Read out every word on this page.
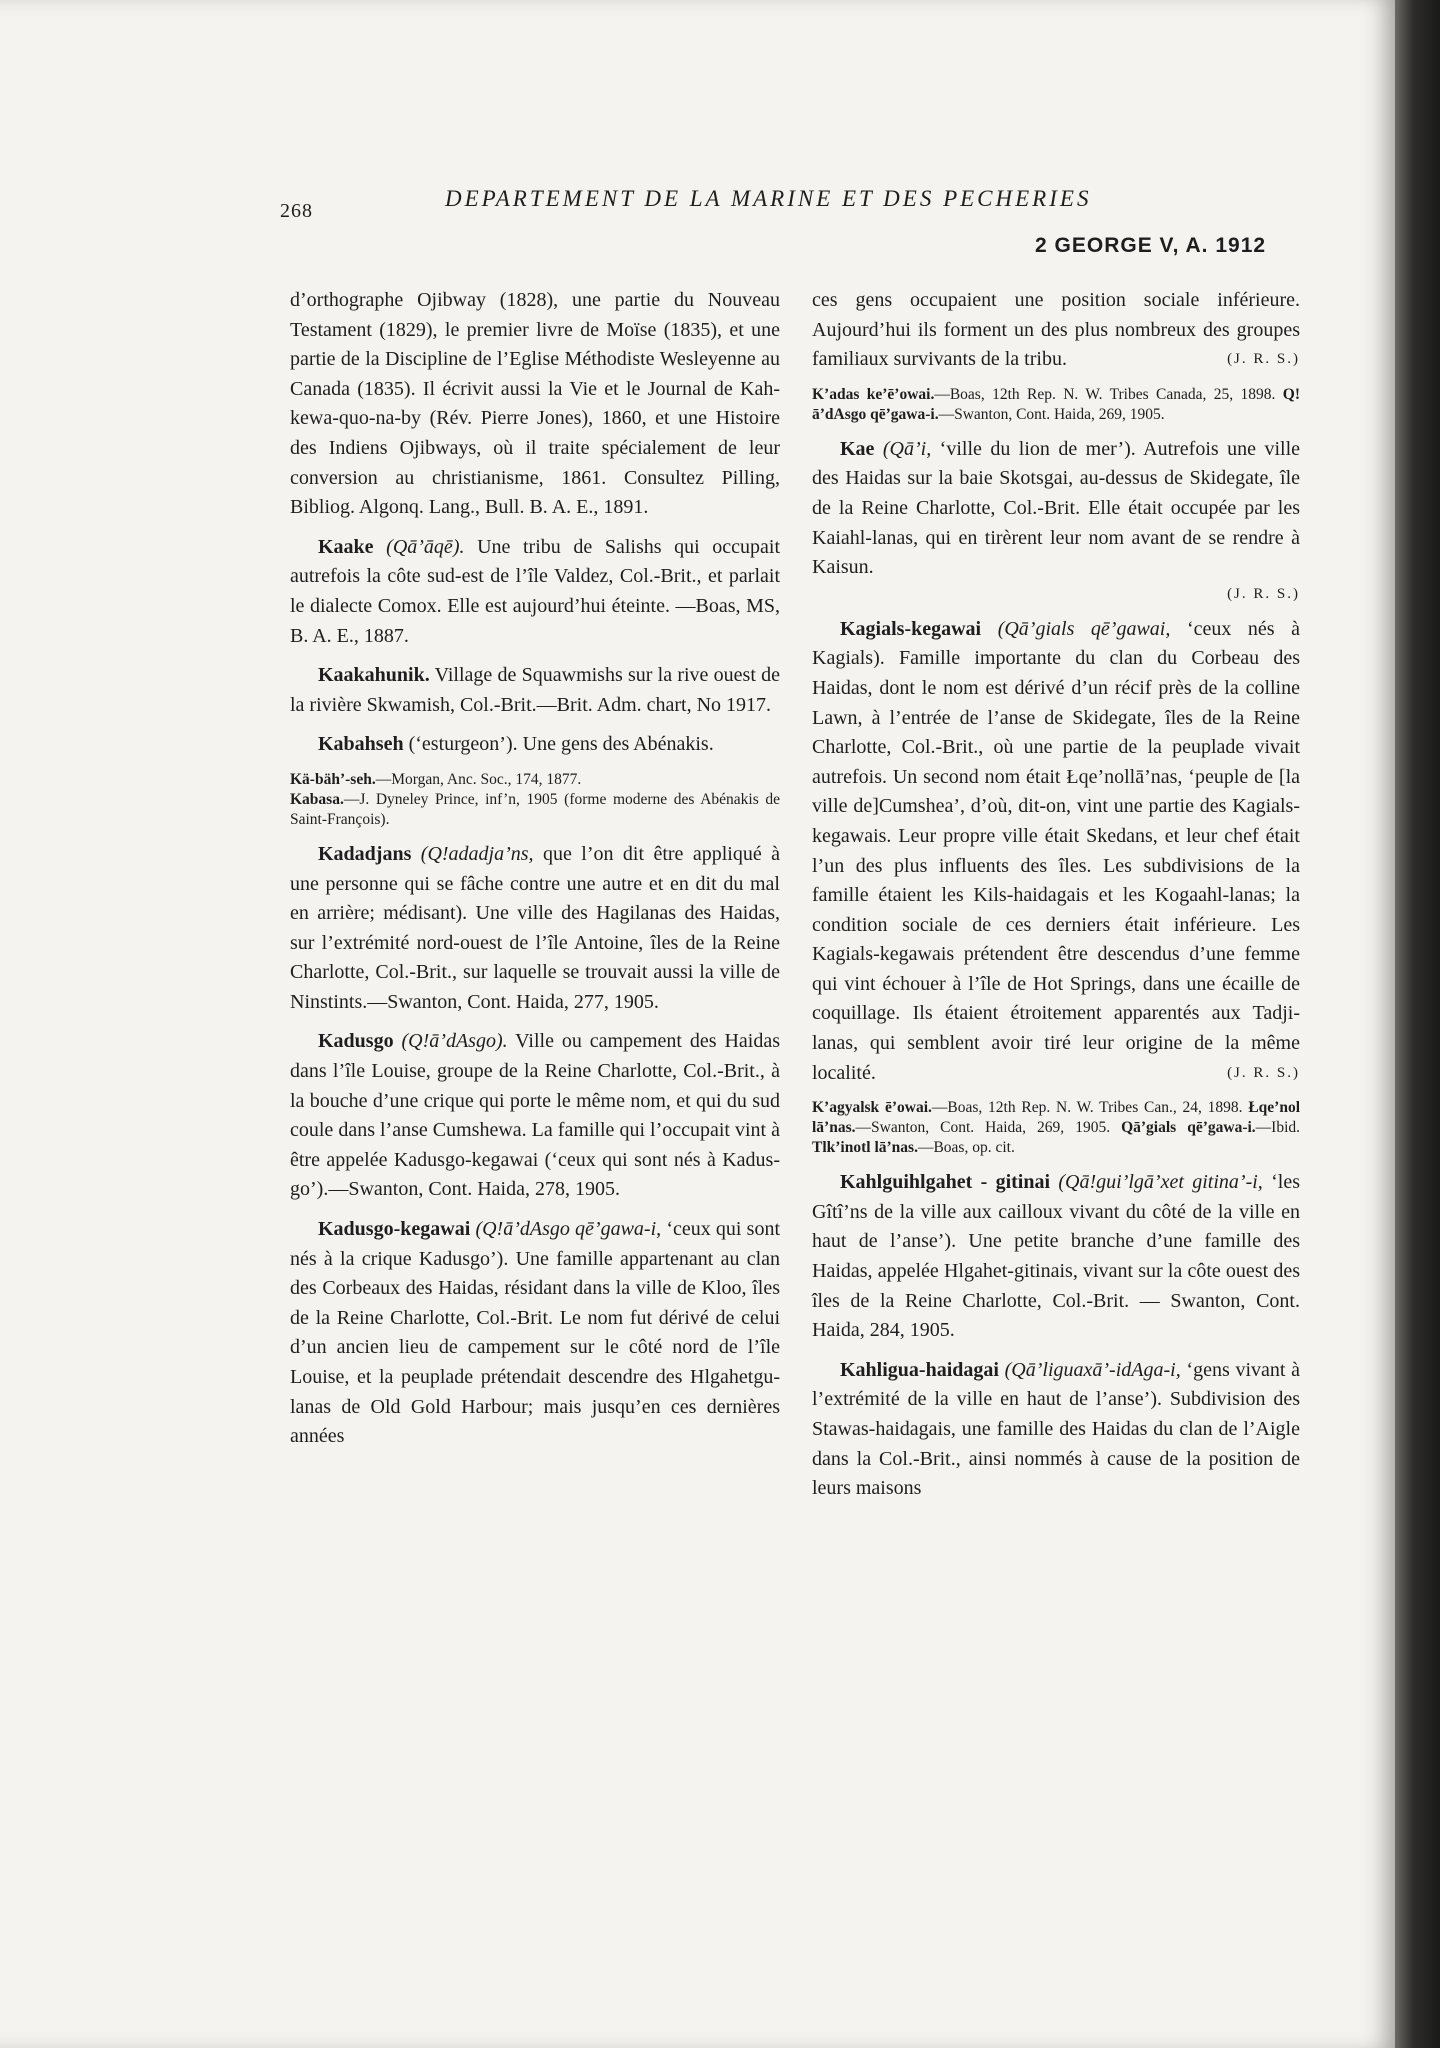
268	DEPARTEMENT DE LA MARINE ET DES PECHERIES
2 GEORGE V, A. 1912

d’orthographe Ojibway (1828), une partie du Nouveau Testament (1829), le premier livre de Moïse (1835), et une partie de la Discipline de l’Eglise Méthodiste Wesleyenne au Canada (1835). Il écrivit aussi la Vie et le Journal de Kah-kewa-quo-na-by (Rév. Pierre Jones), 1860, et une Histoire des Indiens Ojibways, où il traite spécialement de leur conversion au christianisme, 1861. Consultez Pilling, Bibliog. Algonq. Lang., Bull. B. A. E., 1891.

Kaake (Qā’āqē). Une tribu de Salishs qui occupait autrefois la côte sud-est de l’île Valdez, Col.-Brit., et parlait le dialecte Comox. Elle est aujourd’hui éteinte. —Boas, MS, B. A. E., 1887.

Kaakahunik. Village de Squawmishs sur la rive ouest de la rivière Skwamish, Col.-Brit.—Brit. Adm. chart, No 1917.

Kabahseh (‘esturgeon’). Une gens des Abénakis.

Kä-bäh’-seh.—Morgan, Anc. Soc., 174, 1877.
Kabasa.—J. Dyneley Prince, inf’n, 1905 (forme moderne des Abénakis de Saint-François).

Kadadjans (Q!adadja’ns, que l’on dit être appliqué à une personne qui se fâche contre une autre et en dit du mal en arrière; médisant). Une ville des Hagilanas des Haidas, sur l’extrémité nord-ouest de l’île Antoine, îles de la Reine Charlotte, Col.-Brit., sur laquelle se trouvait aussi la ville de Ninstints.—Swanton, Cont. Haida, 277, 1905.

Kadusgo (Q!ā’dAsgo). Ville ou campement des Haidas dans l’île Louise, groupe de la Reine Charlotte, Col.-Brit., à la bouche d’une crique qui porte le même nom, et qui du sud coule dans l’anse Cumshewa. La famille qui l’occupait vint à être appelée Kadusgo-kegawai (‘ceux qui sont nés à Kadus-go’).—Swanton, Cont. Haida, 278, 1905.

Kadusgo-kegawai (Q!ā’dAsgo qē’gawa-i, ‘ceux qui sont nés à la crique Kadusgo’). Une famille appartenant au clan des Corbeaux des Haidas, résidant dans la ville de Kloo, îles de la Reine Charlotte, Col.-Brit. Le nom fut dérivé de celui d’un ancien lieu de campement sur le côté nord de l’île Louise, et la peuplade prétendait descendre des Hlgahetgu-lanas de Old Gold Harbour; mais jusqu’en ces dernières années

ces gens occupaient une position sociale inférieure. Aujourd’hui ils forment un des plus nombreux des groupes familiaux survivants de la tribu.	(J. R. S.)

K’adas ke’ē’owai.—Boas, 12th Rep. N. W. Tribes Canada, 25, 1898. Q!ā’dAsgo qē’gawa-i.—Swanton, Cont. Haida, 269, 1905.

Kae (Qā’i, ‘ville du lion de mer’). Autrefois une ville des Haidas sur la baie Skotsgai, au-dessus de Skidegate, île de la Reine Charlotte, Col.-Brit. Elle était occupée par les Kaiahl-lanas, qui en tirèrent leur nom avant de se rendre à Kaisun.
(J. R. S.)

Kagials-kegawai (Qā’gials qē’gawai, ‘ceux nés à Kagials). Famille importante du clan du Corbeau des Haidas, dont le nom est dérivé d’un récif près de la colline Lawn, à l’entrée de l’anse de Skidegate, îles de la Reine Charlotte, Col.-Brit., où une partie de la peuplade vivait autrefois. Un second nom était Łqe’nollā’nas, ‘peuple de [la ville de]Cumshea’, d’où, dit-on, vint une partie des Kagials-kegawais. Leur propre ville était Skedans, et leur chef était l’un des plus influents des îles. Les subdivisions de la famille étaient les Kils-haidagais et les Kogaahl-lanas; la condition sociale de ces derniers était inférieure. Les Kagials-kegawais prétendent être descendus d’une femme qui vint échouer à l’île de Hot Springs, dans une écaille de coquillage. Ils étaient étroitement apparentés aux Tadji-lanas, qui semblent avoir tiré leur origine de la même localité.	(J. R. S.)

K’agyalsk ē’owai.—Boas, 12th Rep. N. W. Tribes Can., 24, 1898. Łqe’nol lā’nas.—Swanton, Cont. Haida, 269, 1905. Qā’gials qē’gawa-i.—Ibid. Tlk’inotl lā’nas.—Boas, op. cit.

Kahlguihlgahet - gitinai (Qā!gui’lgā’xet gitina’-i, ‘les Gîtî’ns de la ville aux cailloux vivant du côté de la ville en haut de l’anse’). Une petite branche d’une famille des Haidas, appelée Hlgahet-gitinais, vivant sur la côte ouest des îles de la Reine Charlotte, Col.-Brit. — Swanton, Cont. Haida, 284, 1905.

Kahligua-haidagai (Qā’liguaxā’-idAga-i, ‘gens vivant à l’extrémité de la ville en haut de l’anse’). Subdivision des Stawas-haidagais, une famille des Haidas du clan de l’Aigle dans la Col.-Brit., ainsi nommés à cause de la position de leurs maisons
